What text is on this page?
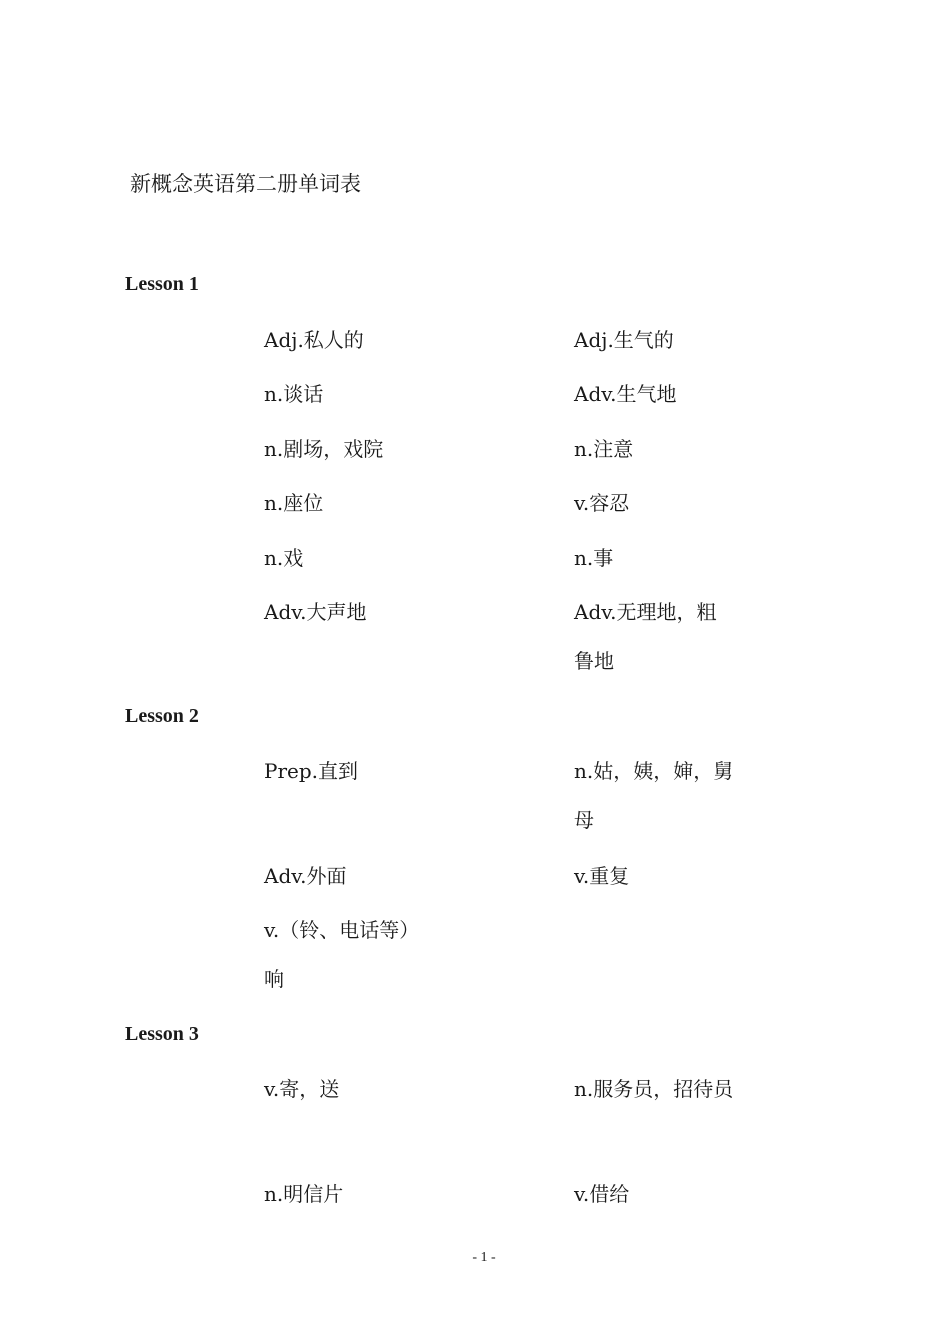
新概念英语第二册单词表
Lesson 1
Adj.私人的	Adj.生气的
n.谈话	Adv.生气地
n.剧场，戏院	n.注意
n.座位	v.容忍
n.戏	n.事
Adv.大声地	Adv.无理地，粗鲁地
Lesson 2
Prep.直到	n.姑，姨，婶，舅母
Adv.外面	v.重复
v.（铃、电话等）响
Lesson 3
v.寄，送	n.服务员，招待员
n.明信片	v.借给
- 1 -
